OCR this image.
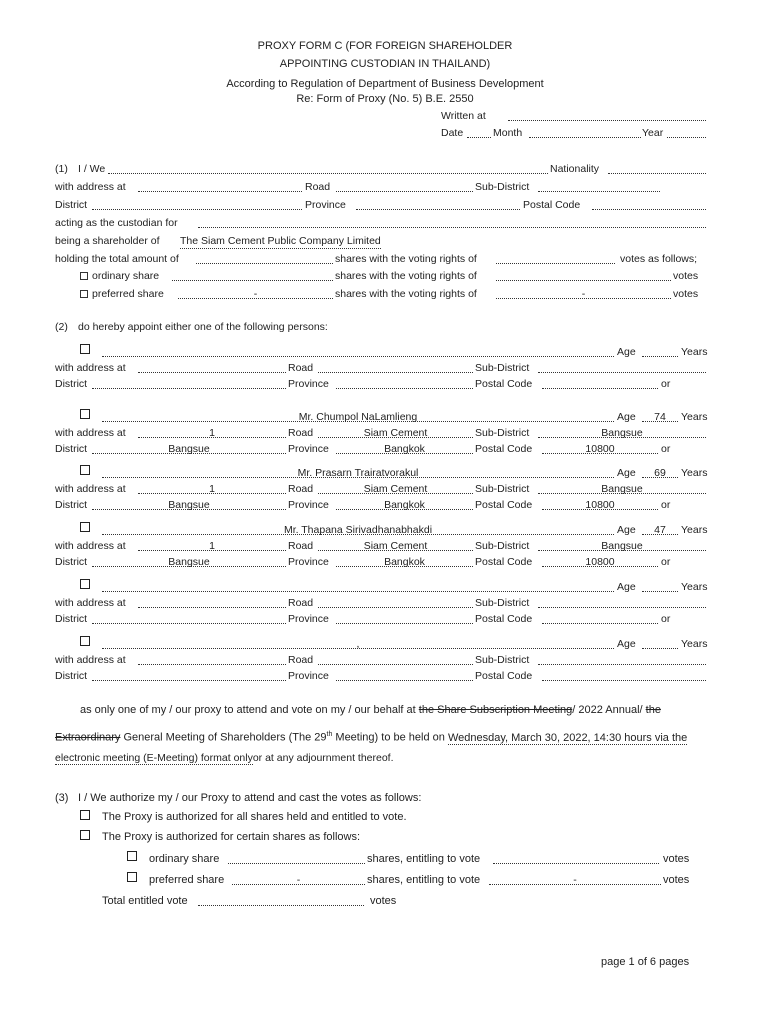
PROXY FORM C (FOR FOREIGN SHAREHOLDER
APPOINTING CUSTODIAN IN THAILAND)
According to Regulation of Department of Business Development
Re: Form of Proxy (No. 5) B.E. 2550
Written at
Date	Month	Year
(1) I / We	Nationality
with address at	Road	Sub-District
District	Province	Postal Code
acting as the custodian for
being a shareholder of The Siam Cement Public Company Limited
holding the total amount of	shares with the voting rights of	votes as follows;
ordinary share	shares with the voting rights of	votes
preferred share	-	shares with the voting rights of	-	votes
(2) do hereby appoint either one of the following persons:
Age	Years
with address at	Road	Sub-District
District	Province	Postal Code	or
Mr. Chumpol NaLamlieng	Age	74	Years
with address at	1	Road	Siam Cement	Sub-District	Bangsue
District	Bangsue	Province	Bangkok	Postal Code	10800	or
Mr. Prasarn Trairatvorakul	Age	69	Years
with address at	1	Road	Siam Cement	Sub-District	Bangsue
District	Bangsue	Province	Bangkok	Postal Code	10800	or
Mr. Thapana Sirivadhanabhakdi	Age	47	Years
with address at	1	Road	Siam Cement	Sub-District	Bangsue
District	Bangsue	Province	Bangkok	Postal Code	10800	or
Age	Years
with address at	Road	Sub-District
District	Province	Postal Code	or
,	Age	Years
with address at	Road	Sub-District
District	Province	Postal Code
as only one of my / our proxy to attend and vote on my / our behalf at the Share Subscription Meeting/ 2022 Annual/ the
Extraordinary General Meeting of Shareholders (The 29th Meeting) to be held on Wednesday, March 30, 2022, 14:30 hours via the
electronic meeting (E-Meeting) format onlyor at any adjournment thereof.
(3) I / We authorize my / our Proxy to attend and cast the votes as follows:
The Proxy is authorized for all shares held and entitled to vote.
The Proxy is authorized for certain shares as follows:
ordinary share	shares, entitling to vote	votes
preferred share	-	shares, entitling to vote	-	votes
Total entitled vote	votes
page 1 of 6 pages
